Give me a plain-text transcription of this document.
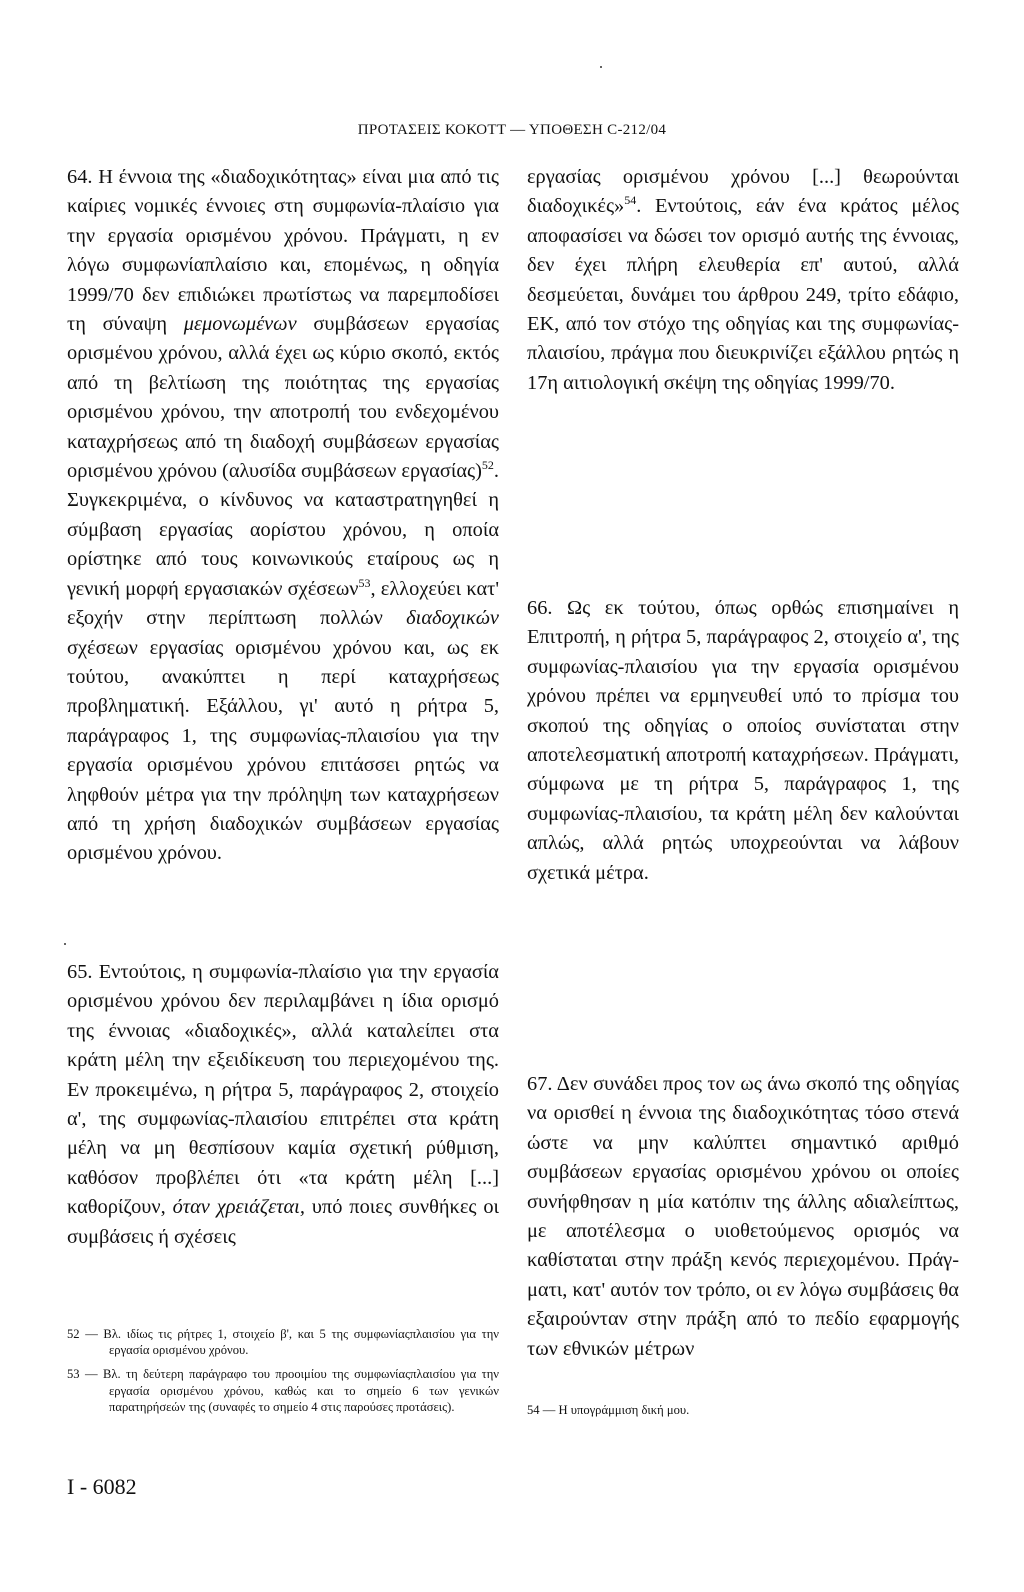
ΠΡΟΤΑΣΕΙΣ ΚΟΚΟΤΤ — ΥΠΟΘΕΣΗ C-212/04

64. Η έννοια της «διαδοχικότητας» είναι μια από τις καίριες νομικές έννοιες στη συμφωνία-πλαίσιο για την εργασία ορισμένου χρόνου. Πράγματι, η εν λόγω συμφωνίαπλαίσιο και, επομένως, η οδηγία 1999/70 δεν επιδιώκει πρωτίστως να παρεμποδίσει τη σύναψη μεμονωμένων συμβάσεων εργασίας ορισμένου χρόνου, αλλά έχει ως κύριο σκοπό, εκτός από τη βελτίωση της ποιότητας της εργασίας ορισμένου χρόνου, την αποτροπή του ενδεχομένου καταχρήσεως από τη διαδοχή συμβάσεων εργασίας ορισμένου χρόνου (αλυσίδα συμβάσεων εργασίας)$^{52}$. Συγκεκριμένα, ο κίνδυνος να καταστρατηγηθεί η σύμβαση εργασίας αορίστου χρόνου, η οποία ορίστηκε από τους κοινωνικούς εταίρους ως η γενική μορφή εργασιακών σχέσεων$^{53}$, ελλοχεύει κατ' εξοχήν στην περίπτωση πολλών διαδοχικών σχέσεων εργασίας ορισμένου χρόνου και, ως εκ τούτου, ανακύπτει η περί καταχρήσεως προβληματική. Εξάλλου, γι' αυτό η ρήτρα 5, παράγραφος 1, της συμφωνίας-πλαισίου για την εργασία ορισμένου χρόνου επιτάσσει ρητώς να ληφθούν μέτρα για την πρόληψη των καταχρήσεων από τη χρήση διαδοχικών συμβάσεων εργασίας ορισμένου χρόνου.

εργασίας ορισμένου χρόνου [...] θεωρούνται διαδοχικές»$^{54}$. Εντούτοις, εάν ένα κράτος μέλος αποφασίσει να δώσει τον ορισμό αυτής της έννοιας, δεν έχει πλήρη ελευθερία επ' αυτού, αλλά δεσμεύεται, δυνάμει του άρθρου 249, τρίτο εδάφιο, ΕΚ, από τον στόχο της οδηγίας και της συμφωνίαςπλαισίου, πράγμα που διευκρινίζει εξάλλου ρητώς η 17η αιτιολογική σκέψη της οδηγίας 1999/70.

66. Ως εκ τούτου, όπως ορθώς επισημαίνει η Επιτροπή, η ρήτρα 5, παράγραφος 2, στοιχείο α', της συμφωνίας-πλαισίου για την εργασία ορισμένου χρόνου πρέπει να ερμηνευθεί υπό το πρίσμα του σκοπού της οδηγίας ο οποίος συνίσταται στην αποτελεσματική αποτροπή καταχρήσεων. Πράγματι, σύμφωνα με τη ρήτρα 5, παράγραφος 1, της συμφωνίας-πλαισίου, τα κράτη μέλη δεν καλούνται απλώς, αλλά ρητώς υποχρεούνται να λάβουν σχετικά μέτρα.

65. Εντούτοις, η συμφωνία-πλαίσιο για την εργασία ορισμένου χρόνου δεν περιλαμβάνει η ίδια ορισμό της έννοιας «διαδοχικές», αλλά καταλείπει στα κράτη μέλη την εξειδίκευση του περιεχομένου της. Εν προκειμένω, η ρήτρα 5, παράγραφος 2, στοιχείο α', της συμφωνίας-πλαισίου επιτρέπει στα κράτη μέλη να μη θεσπίσουν καμία σχετική ρύθμιση, καθόσον προβλέπει ότι «τα κράτη μέλη [...] καθορίζουν, όταν χρειάζεται, υπό ποιες συνθήκες οι συμβάσεις ή σχέσεις

67. Δεν συνάδει προς τον ως άνω σκοπό της οδηγίας να ορισθεί η έννοια της διαδοχικότητας τόσο στενά ώστε να μην καλύπτει σημαντικό αριθμό συμβάσεων εργασίας ορισμένου χρόνου οι οποίες συνήφθησαν η μία κατόπιν της άλλης αδιαλείπτως, με αποτέλεσμα ο υιοθετούμενος ορισμός να καθίσταται στην πράξη κενός περιεχομένου. Πράγματι, κατ' αυτόν τον τρόπο, οι εν λόγω συμβάσεις θα εξαιρούνταν στην πράξη από το πεδίο εφαρμογής των εθνικών μέτρων

52 — Βλ. ιδίως τις ρήτρες 1, στοιχείο β', και 5 της συμφωνίαςπλαισίου για την εργασία ορισμένου χρόνου.
53 — Βλ. τη δεύτερη παράγραφο του προοιμίου της συμφωνίαςπλαισίου για την εργασία ορισμένου χρόνου, καθώς και το σημείο 6 των γενικών παρατηρήσεών της (συναφές το σημείο 4 στις παρούσες προτάσεις).	54 — Η υπογράμμιση δική μου.
I - 6082
